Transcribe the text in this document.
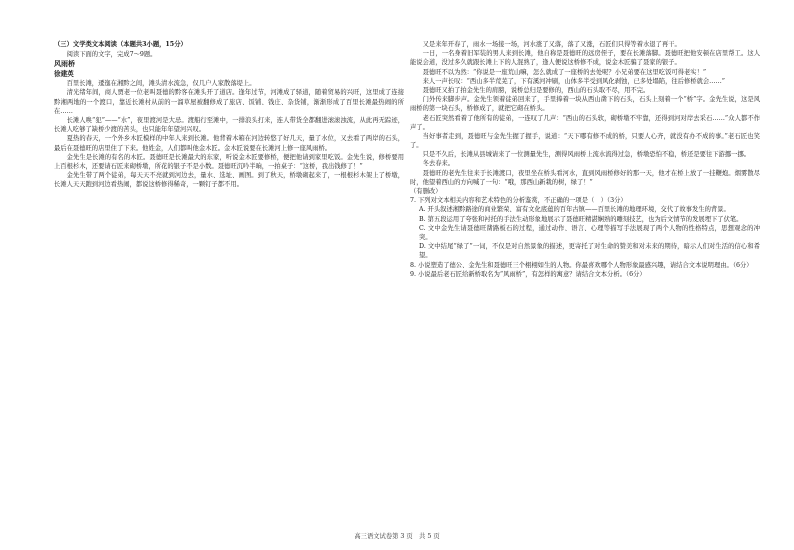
（三）文学类文本阅读（本题共3小题，15分）

阅读下面的文字，完成7～9题。

风雨桥

徐建英

百里长滩，逶迤在湘黔之间，滩头清水流急，仅几户人家散落堤上。

清光绪年间，商人贾老一位老叫聂德的黔客在滩头开了道店。逢年过节，河滩成了驿道，随着贸易的兴旺，这里成了连接黔湘两地的一个渡口，靠近长滩村从前的一溜草屋被翻修成了旅店、饭铺、钱庄、杂货铺，渐渐形成了百里长滩最热闹的所在……

长滩人唤“犯”——“水”，夜里渡河是大忌。渡船行至滩中，一排浪头打来，连人带货全都翻进滚滚浊流，从此再无踪迹，长滩人吃够了缺桥少渡的苦头，也只能年年望河兴叹。

夏热的春天，一个外乡木匠模样的中年人来到长滩。他背着木箱在河边转悠了好几天，量了水位，又去看了两岸的石头，最后在聂德旺的店里住了下来。他姓金，人们都叫他金木匠。金木匠说要在长滩河上修一座风雨桥。

金先生是长滩的有名的木匠。聂德旺是长滩最大的东家，听说金木匠要修桥，便把他请到家里吃饭。金先生说，修桥要用上百根杉木，还要请石匠来砌桥墩，所花的银子不是小数。聂德旺沉吟半晌，一拍桌子：“这桥，我出钱修了！”

金先生带了两个徒弟，每天天不亮就到河边去，量水、选址、画图。到了秋天，桥墩砌起来了，一根根杉木架上了桥墩，长滩人天天跑到河边看热闹，都说这桥修得稀奇，一颗钉子都不用。

又是来年开春了，雨水一场接一场，河水涨了又落，落了又涨，石匠们只得等着水退了再干。

一日，一名身着旧军装的男人来到长滩，他自称是聂德旺的远房侄子，要在长滩落脚。聂德旺把他安顿在店里帮工。这人能说会道，没过多久就跟长滩上下的人混熟了，逢人便说这桥修不成，说金木匠骗了聂家的银子。

聂德旺不以为然：“你说是一座荒山嘛，怎么就成了一座桥的去处呢？小兄弟要在这里吃饭可得老实！”

来人一声长叹：“西山多半荒芜了，下有溪河冲刷，山体多半受到风化剥蚀，已多处塌陷，往后修桥就会……”

聂德旺又拍了拍金先生的肩膀，说桥总归是要修的，西山的石头取不尽，用不完。

门外传来脚步声。金先生领着徒弟回来了，手里捧着一块从西山凿下的石头，石头上刻着一个“桥”字。金先生说，这是风雨桥的第一块石头，桥修成了，就把它砌在桥头。

老石匠突然看着了他所有的徒弟，一连叹了几声：“西山的石头软，砌桥墩不牢靠，还得到河对岸去采石……”众人都不作声了。

当好事者走到，聂德旺与金先生握了握手，说道：“天下哪有修不成的桥，只要人心齐，就没有办不成的事。”老石匠也笑了。

只是不久后，长滩从县城请来了一位测量先生，测得风雨桥上流水流得过急，桥墩恐怕不稳，桥还是要往下游挪一挪。

冬去春来。

聂德旺的老先生往来于长滩渡口，夜里坐在桥头看河水，直到风雨桥修好的那一天，他才在桥上放了一挂鞭炮。烟雾散尽时，他望着西山的方向喊了一句：“哦，那西山新栽的树，绿了！”

（有删改）

7. 下列对文本相关内容和艺术特色的分析鉴赏，不正确的一项是（　）（3分）

A. 开头叙述湘黔路途的商业繁荣、富有文化底蕴的百年古镇——百里长滩的地理环境，交代了故事发生的背景。

B. 第五段运用了夸张和衬托的手法生动形象地展示了聂德旺精湛娴熟的雕刻技艺，也为后文情节的发展埋下了伏笔。

C. 文中金先生请聂德旺凿路板石的过程，通过动作、语言、心理等描写手法展现了两个人物的性格特点，思想观念的冲突。

D. 文中结尾“绿了”一词，不仅是对自然景象的描述，更寄托了对生命的赞美和对未来的期待，暗示人们对生活的信心和希望。

8. 小说塑造了德公、金先生和聂德旺三个栩栩如生的人物。你最喜欢哪个人物形象最感兴趣，请结合文本说明理由。（6分）

9. 小说最后老石匠给新桥取名为“风雨桥”，有怎样的寓意？请结合文本分析。（6分）

高三语文试卷第 3 页　共 5 页
